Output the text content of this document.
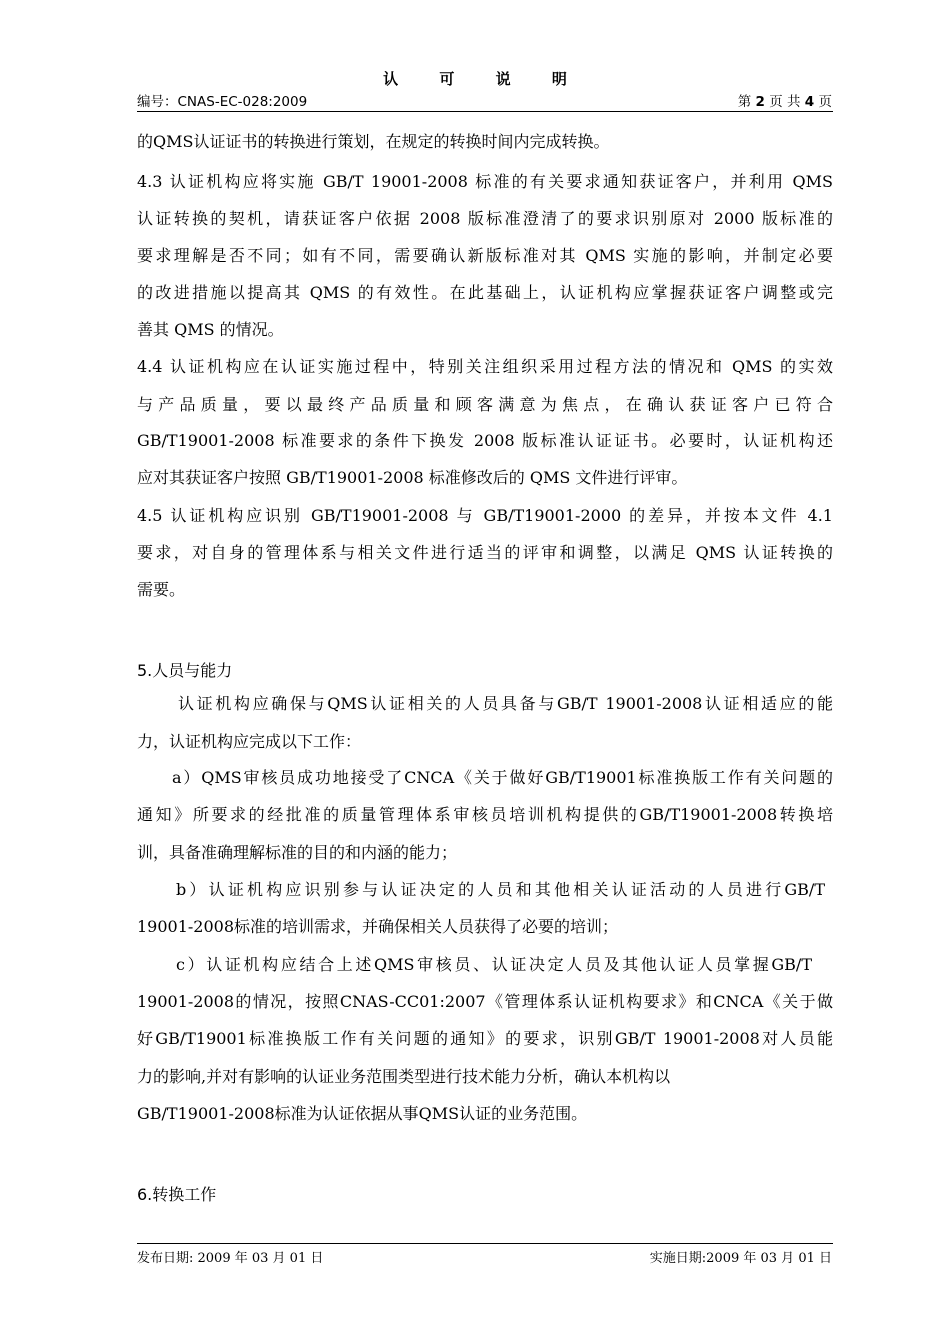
认 可 说 明
编号：CNAS-EC-028:2009	第 2 页 共 4 页
的QMS认证证书的转换进行策划，在规定的转换时间内完成转换。
4.3 认证机构应将实施 GB/T 19001-2008 标准的有关要求通知获证客户，并利用 QMS
认证转换的契机，请获证客户依据 2008 版标准澄清了的要求识别原对 2000 版标准的
要求理解是否不同；如有不同，需要确认新版标准对其 QMS 实施的影响，并制定必要
的改进措施以提高其 QMS 的有效性。在此基础上，认证机构应掌握获证客户调整或完
善其 QMS 的情况。
4.4 认证机构应在认证实施过程中，特别关注组织采用过程方法的情况和 QMS 的实效
与产品质量，要以最终产品质量和顾客满意为焦点，在确认获证客户已符合
GB/T19001-2008 标准要求的条件下换发 2008 版标准认证证书。必要时，认证机构还
应对其获证客户按照 GB/T19001-2008 标准修改后的 QMS 文件进行评审。
4.5 认证机构应识别 GB/T19001-2008 与 GB/T19001-2000 的差异，并按本文件 4.1
要求，对自身的管理体系与相关文件进行适当的评审和调整，以满足 QMS 认证转换的
需要。
5.人员与能力
认证机构应确保与QMS认证相关的人员具备与GB/T 19001-2008认证相适应的能
力，认证机构应完成以下工作：
a）QMS审核员成功地接受了CNCA《关于做好GB/T19001标准换版工作有关问题的
通知》所要求的经批准的质量管理体系审核员培训机构提供的GB/T19001-2008转换培
训，具备准确理解标准的目的和内涵的能力；
b）认证机构应识别参与认证决定的人员和其他相关认证活动的人员进行GB/T
19001-2008标准的培训需求，并确保相关人员获得了必要的培训；
c）认证机构应结合上述QMS审核员、认证决定人员及其他认证人员掌握GB/T
19001-2008的情况，按照CNAS-CC01:2007《管理体系认证机构要求》和CNCA《关于做
好GB/T19001标准换版工作有关问题的通知》的要求，识别GB/T 19001-2008对人员能
力的影响,并对有影响的认证业务范围类型进行技术能力分析，确认本机构以
GB/T19001-2008标准为认证依据从事QMS认证的业务范围。
6.转换工作
发布日期: 2009 年 03 月 01 日	实施日期:2009 年 03 月 01 日
